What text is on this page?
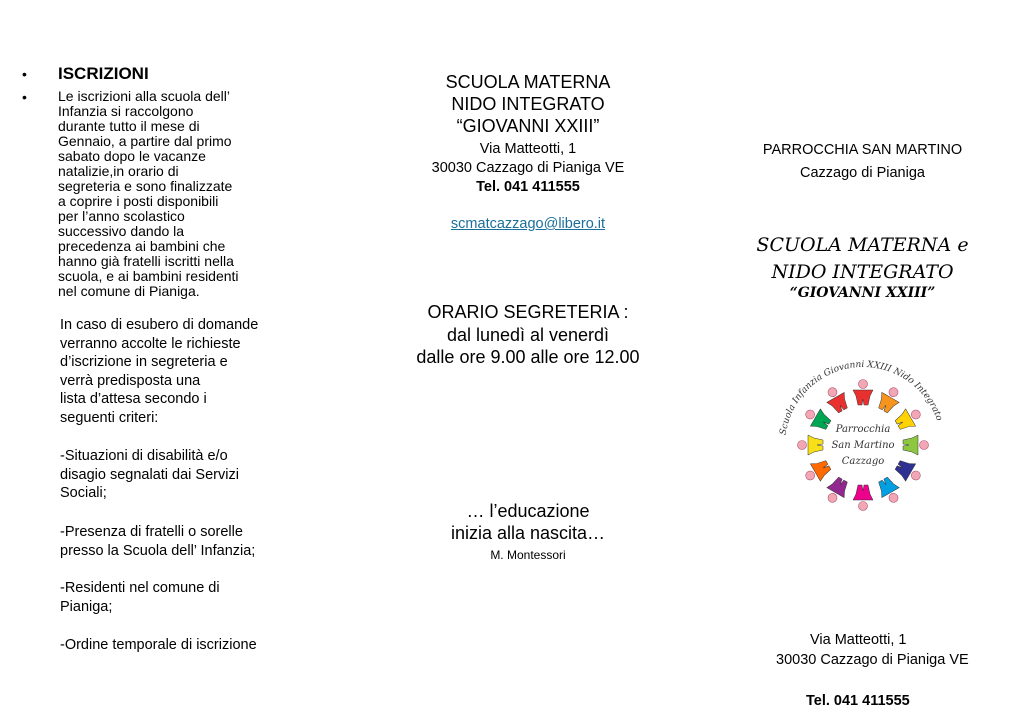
• ISCRIZIONI
• Le iscrizioni alla scuola dell’
Infanzia si raccolgono
durante tutto il mese di
Gennaio, a partire dal primo
sabato dopo le vacanze
natalizie,in orario di
segreteria e sono finalizzate
a coprire i posti disponibili
per l’anno scolastico
successivo dando la
precedenza ai bambini che
hanno già fratelli iscritti nella
scuola, e ai bambini residenti
nel comune di Pianiga.
In caso di esubero di domande
verranno accolte le richieste
d’iscrizione in segreteria e
verrà predisposta una
lista d’attesa secondo i
seguenti criteri:
-Situazioni di disabilità e/o
disagio segnalati dai Servizi
Sociali;
-Presenza di fratelli o sorelle
presso la Scuola dell’ Infanzia;
-Residenti nel comune di
Pianiga;
-Ordine temporale di iscrizione
SCUOLA MATERNA
NIDO INTEGRATO
“GIOVANNI XXIII”
Via Matteotti, 1
30030 Cazzago di Pianiga VE
Tel. 041 411555
scmatcazzago@libero.it
ORARIO SEGRETERIA :
dal lunedì al venerdì
dalle ore 9.00 alle ore 12.00
… l’educazione
inizia alla nascita…
M. Montessori
PARROCCHIA SAN MARTINO
Cazzago di Pianiga
SCUOLA MATERNA e
NIDO INTEGRATO
“GIOVANNI XXIII”
Scuola Infanzia Giovanni XXIII Nido Integrato
Parrocchia
San Martino
Cazzago
Via Matteotti, 1
30030 Cazzago di Pianiga VE
Tel. 041 411555
